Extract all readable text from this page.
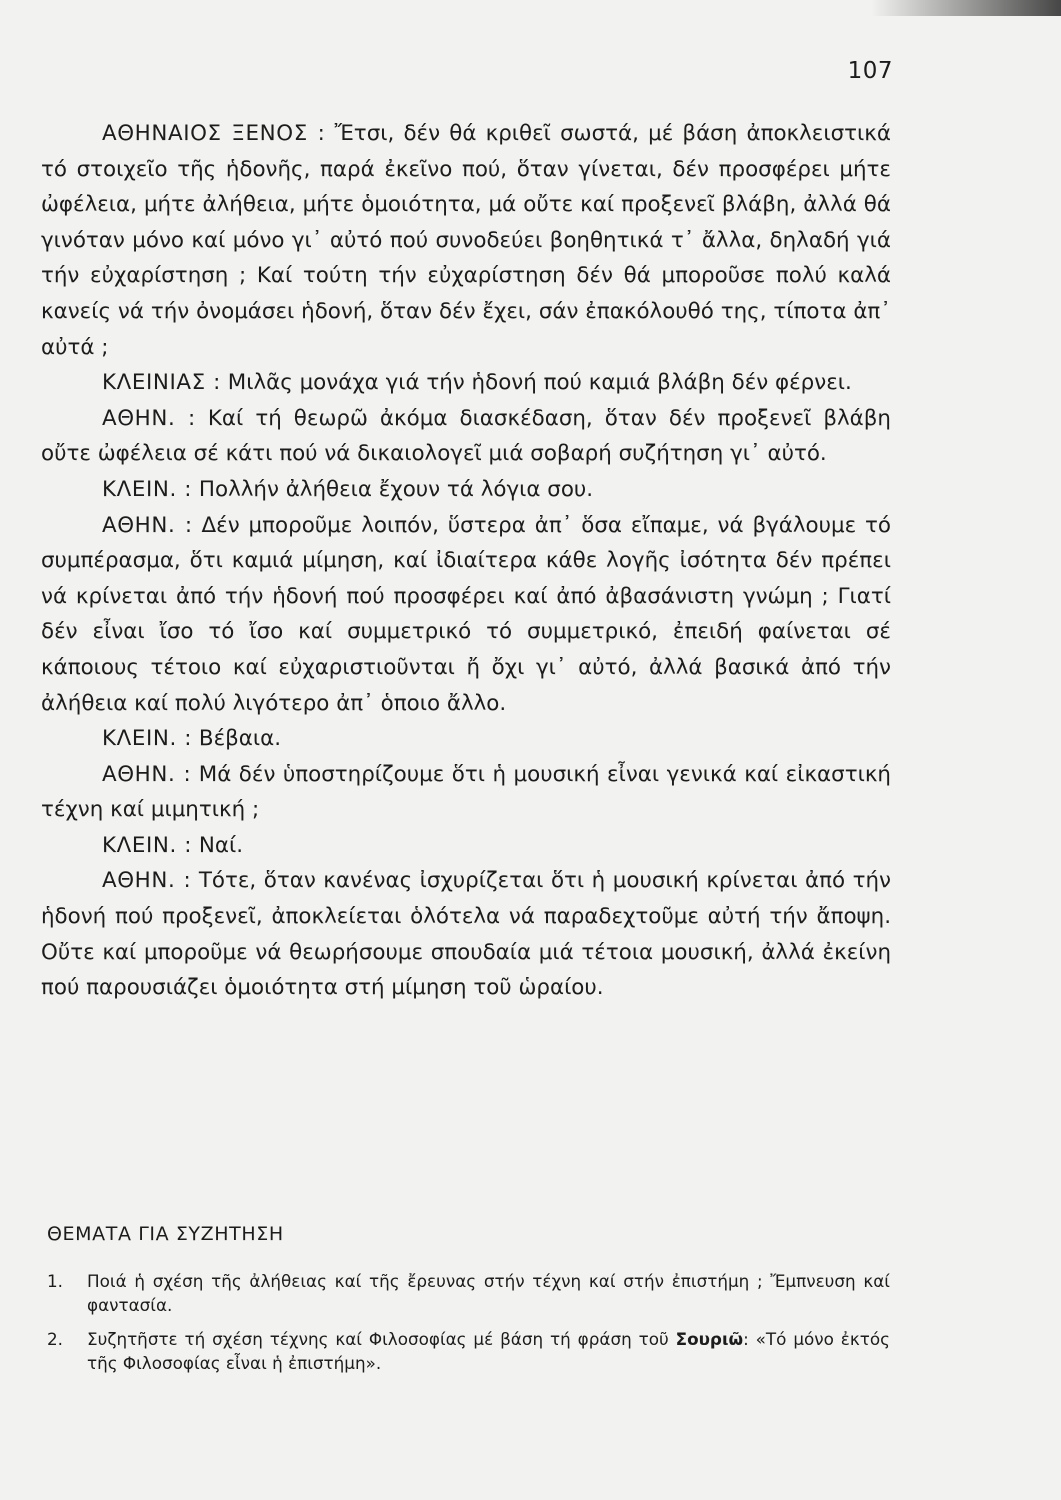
107

ΑΘΗΝΑΙΟΣ ΞΕΝΟΣ : Ἔτσι, δέν θά κριθεῖ σωστά, μέ βάση ἀποκλειστικά τό στοιχεῖο τῆς ἡδονῆς, παρά ἐκεῖνο πού, ὅταν γίνεται, δέν προσφέρει μήτε ὠφέλεια, μήτε ἀλήθεια, μήτε ὁμοιότητα, μά οὔτε καί προξενεῖ βλάβη, ἀλλά θά γινόταν μόνο καί μόνο γι᾽ αὐτό πού συνοδεύει βοηθητικά τ᾽ ἄλλα, δηλαδή γιά τήν εὐχαρίστηση ; Καί τούτη τήν εὐχαρίστηση δέν θά μποροῦσε πολύ καλά κανείς νά τήν ὀνομάσει ἡδονή, ὅταν δέν ἔχει, σάν ἐπακόλουθό της, τίποτα ἀπ᾽ αὐτά ;

ΚΛΕΙΝΙΑΣ : Μιλᾶς μονάχα γιά τήν ἡδονή πού καμιά βλάβη δέν φέρνει.

ΑΘΗΝ. : Καί τή θεωρῶ ἀκόμα διασκέδαση, ὅταν δέν προξενεῖ βλάβη οὔτε ὠφέλεια σέ κάτι πού νά δικαιολογεῖ μιά σοβαρή συζήτηση γι᾽ αὐτό.

ΚΛΕΙΝ. : Πολλήν ἀλήθεια ἔχουν τά λόγια σου.

ΑΘΗΝ. : Δέν μποροῦμε λοιπόν, ὕστερα ἀπ᾽ ὅσα εἴπαμε, νά βγάλουμε τό συμπέρασμα, ὅτι καμιά μίμηση, καί ἰδιαίτερα κάθε λογῆς ἰσότητα δέν πρέπει νά κρίνεται ἀπό τήν ἡδονή πού προσφέρει καί ἀπό ἀβασάνιστη γνώμη ; Γιατί δέν εἶναι ἴσο τό ἴσο καί συμμετρικό τό συμμετρικό, ἐπειδή φαίνεται σέ κάποιους τέτοιο καί εὐχαριστιοῦνται ἤ ὄχι γι᾽ αὐτό, ἀλλά βασικά ἀπό τήν ἀλήθεια καί πολύ λιγότερο ἀπ᾽ ὁποιο ἄλλο.

ΚΛΕΙΝ. : Βέβαια.

ΑΘΗΝ. : Μά δέν ὑποστηρίζουμε ὅτι ἡ μουσική εἶναι γενικά καί εἰκαστική τέχνη καί μιμητική ;

ΚΛΕΙΝ. : Ναί.

ΑΘΗΝ. : Τότε, ὅταν κανένας ἰσχυρίζεται ὅτι ἡ μουσική κρίνεται ἀπό τήν ἡδονή πού προξενεῖ, ἀποκλείεται ὁλότελα νά παραδεχτοῦμε αὐτή τήν ἄποψη. Οὔτε καί μποροῦμε νά θεωρήσουμε σπουδαία μιά τέτοια μουσική, ἀλλά ἐκείνη πού παρουσιάζει ὁμοιότητα στή μίμηση τοῦ ὡραίου.

ΘΕΜΑΤΑ ΓΙΑ ΣΥΖΗΤΗΣΗ
1.	Ποιά ἡ σχέση τῆς ἀλήθειας καί τῆς ἔρευνας στήν τέχνη καί στήν ἐπιστήμη ; Ἔμπνευση καί φαντασία.
2.	Συζητῆστε τή σχέση τέχνης καί Φιλοσοφίας μέ βάση τή φράση τοῦ Σουριῶ: «Τό μόνο ἐκτός τῆς Φιλοσοφίας εἶναι ἡ ἐπιστήμη».
